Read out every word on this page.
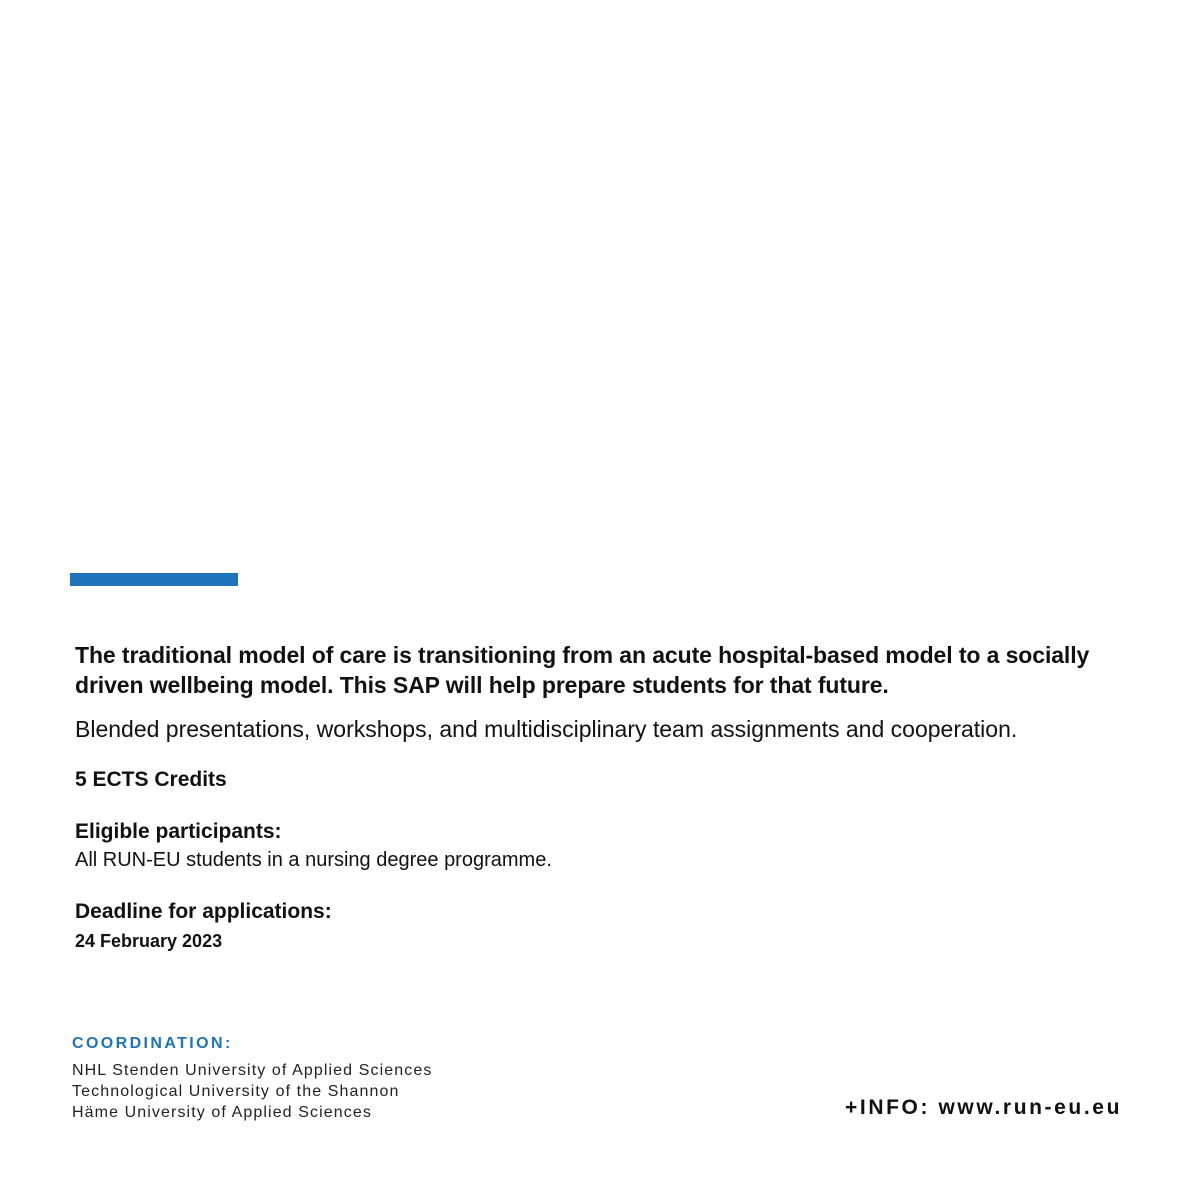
The traditional model of care is transitioning from an acute hospital-based model to a socially driven wellbeing model. This SAP will help prepare students for that future.

Blended presentations, workshops, and multidisciplinary team assignments and cooperation.

5 ECTS Credits

Eligible participants:

All RUN-EU students in a nursing degree programme.

Deadline for applications:

24 February 2023

COORDINATION:
NHL Stenden University of Applied Sciences
Technological University of the Shannon
Häme University of Applied Sciences	+INFO: www.run-eu.eu
